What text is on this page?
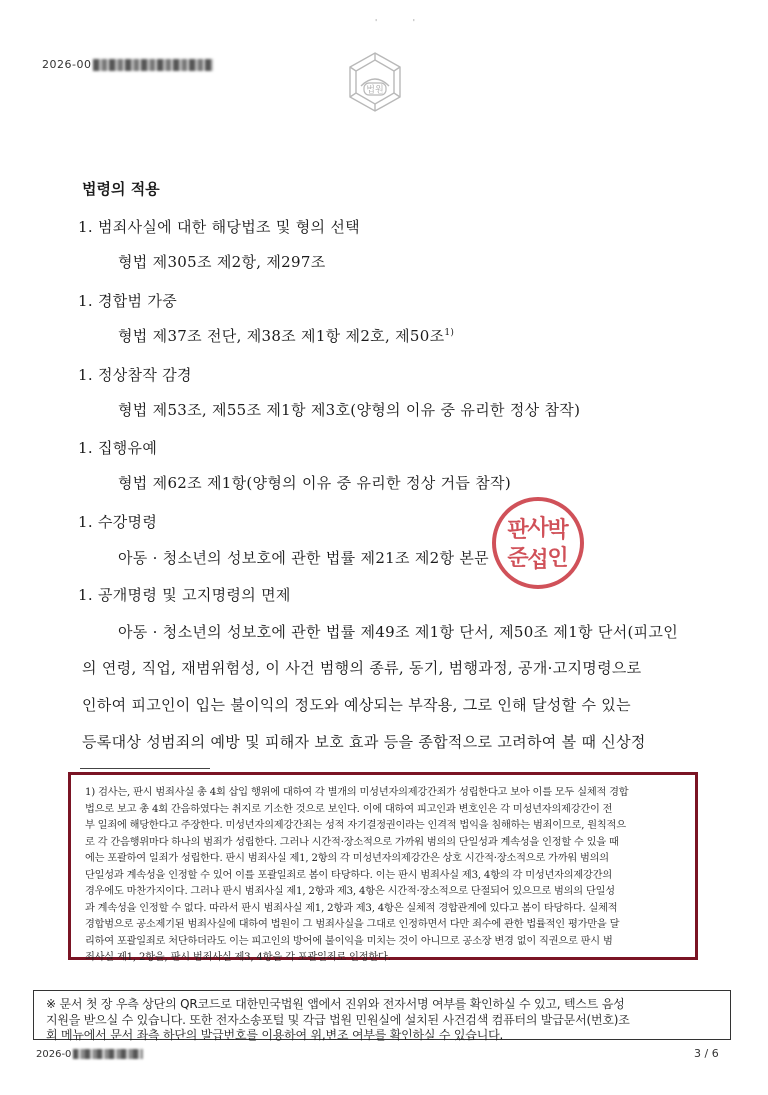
'              '
2026-00
법원
법령의 적용
1. 범죄사실에 대한 해당법조 및 형의 선택
형법 제305조 제2항, 제297조
1. 경합범 가중
형법 제37조 전단, 제38조 제1항 제2호, 제50조$^{1)}$
1. 정상참작 감경
형법 제53조, 제55조 제1항 제3호(양형의 이유 중 유리한 정상 참작)
1. 집행유예
형법 제62조 제1항(양형의 이유 중 유리한 정상 거듭 참작)
1. 수강명령
아동 · 청소년의 성보호에 관한 법률 제21조 제2항 본문
1. 공개명령 및 고지명령의 면제
아동 · 청소년의 성보호에 관한 법률 제49조 제1항 단서, 제50조 제1항 단서(피고인
의 연령, 직업, 재범위험성, 이 사건 범행의 종류, 동기, 범행과정, 공개·고지명령으로
인하여 피고인이 입는 불이익의 정도와 예상되는 부작용, 그로 인해 달성할 수 있는
등록대상 성범죄의 예방 및 피해자 보호 효과 등을 종합적으로 고려하여 볼 때 신상정
판
사
박
준
섭
인
1) 검사는, 판시 범죄사실 총 4회 삽입 행위에 대하여 각 별개의 미성년자의제강간죄가 성립한다고 보아 이를 모두 실체적 경합
법으로 보고 총 4회 간음하였다는 취지로 기소한 것으로 보인다. 이에 대하여 피고인과 변호인은 각 미성년자의제강간이 전
부 일죄에 해당한다고 주장한다. 미성년자의제강간죄는 성적 자기결정권이라는 인격적 법익을 침해하는 범죄이므로, 원칙적으
로 각 간음행위마다 하나의 범죄가 성립한다. 그러나 시간적·장소적으로 가까워 범의의 단일성과 계속성을 인정할 수 있을 때
에는 포괄하여 일죄가 성립한다. 판시 범죄사실 제1, 2항의 각 미성년자의제강간은 상호 시간적·장소적으로 가까워 범의의
단일성과 계속성을 인정할 수 있어 이를 포괄일죄로 봄이 타당하다. 이는 판시 범죄사실 제3, 4항의 각 미성년자의제강간의
경우에도 마찬가지이다. 그러나 판시 범죄사실 제1, 2항과 제3, 4항은 시간적·장소적으로 단절되어 있으므로 범의의 단일성
과 계속성을 인정할 수 없다. 따라서 판시 범죄사실 제1, 2항과 제3, 4항은 실체적 경합관계에 있다고 봄이 타당하다. 실체적
경합범으로 공소제기된 범죄사실에 대하여 법원이 그 범죄사실을 그대로 인정하면서 다만 죄수에 관한 법률적인 평가만을 달
리하여 포괄일죄로 처단하더라도 이는 피고인의 방어에 불이익을 미치는 것이 아니므로 공소장 변경 없이 직권으로 판시 범
죄사실 제1, 2항을, 판시 범죄사실 제3, 4항을 각 포괄일죄로 인정한다.
※ 문서 첫 장 우측 상단의 QR코드로 대한민국법원 앱에서 진위와 전자서명 여부를 확인하실 수 있고, 텍스트 음성
지원을 받으실 수 있습니다. 또한 전자소송포털 및 각급 법원 민원실에 설치된 사건검색 컴퓨터의 발급문서(번호)조
회 메뉴에서 문서 좌측 하단의 발급번호를 이용하여 위,변조 여부를 확인하실 수 있습니다.
2026-0	3 / 6
